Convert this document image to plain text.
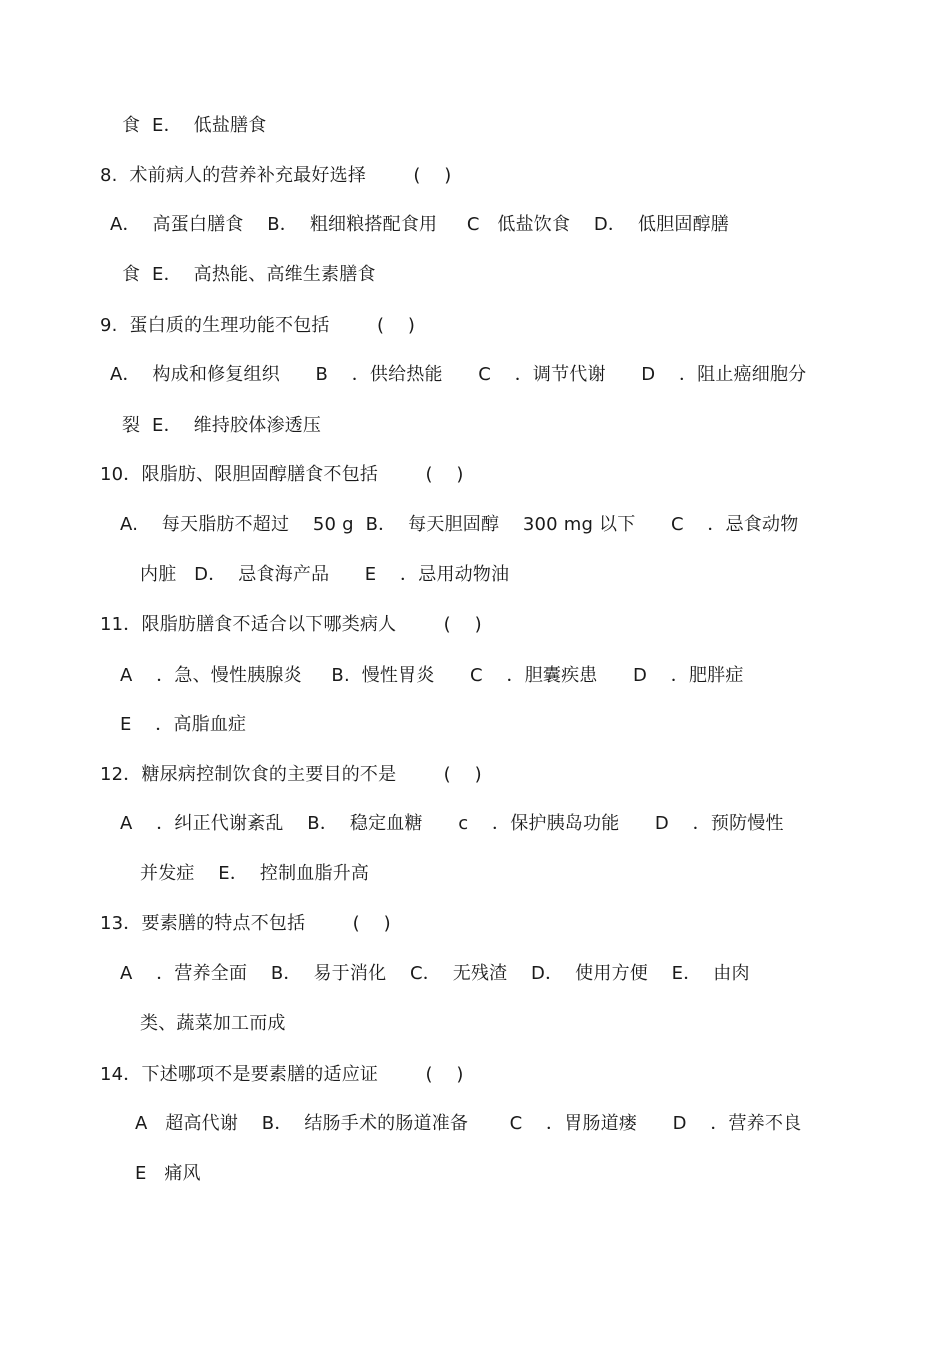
食  E．  低盐膳食
8.  术前病人的营养补充最好选择        (    )
A．  高蛋白膳食    B．  粗细粮搭配食用     C   低盐饮食    D．  低胆固醇膳
食  E．  高热能、高维生素膳食
9.  蛋白质的生理功能不包括        (    )
A．  构成和修复组织      B    ．供给热能      C    ．调节代谢      D    ．阻止癌细胞分
裂  E．  维持胶体渗透压
10．限脂肪、限胆固醇膳食不包括        (    )
A.    每天脂肪不超过    50 g  B．  每天胆固醇    300 mg 以下      C    ．忌食动物
内脏   D．  忌食海产品      E    ．忌用动物油
11．限脂肪膳食不适合以下哪类病人        (    )
A    ．急、慢性胰腺炎     B.  慢性胃炎      C    ．胆囊疾患      D    ．肥胖症
E    ．高脂血症
12．糖尿病控制饮食的主要目的不是        (    )
A    ．纠正代谢紊乱    B．  稳定血糖      c    ．保护胰岛功能      D    ．预防慢性
并发症    E．  控制血脂升高
13．要素膳的特点不包括        (    )
A    ．营养全面    B．  易于消化    C．  无残渣    D．  使用方便    E．  由肉
类、蔬菜加工而成
14．下述哪项不是要素膳的适应证        (    )
A   超高代谢    B．  结肠手术的肠道准备       C    ．胃肠道瘘      D    ．营养不良
E   痛风
